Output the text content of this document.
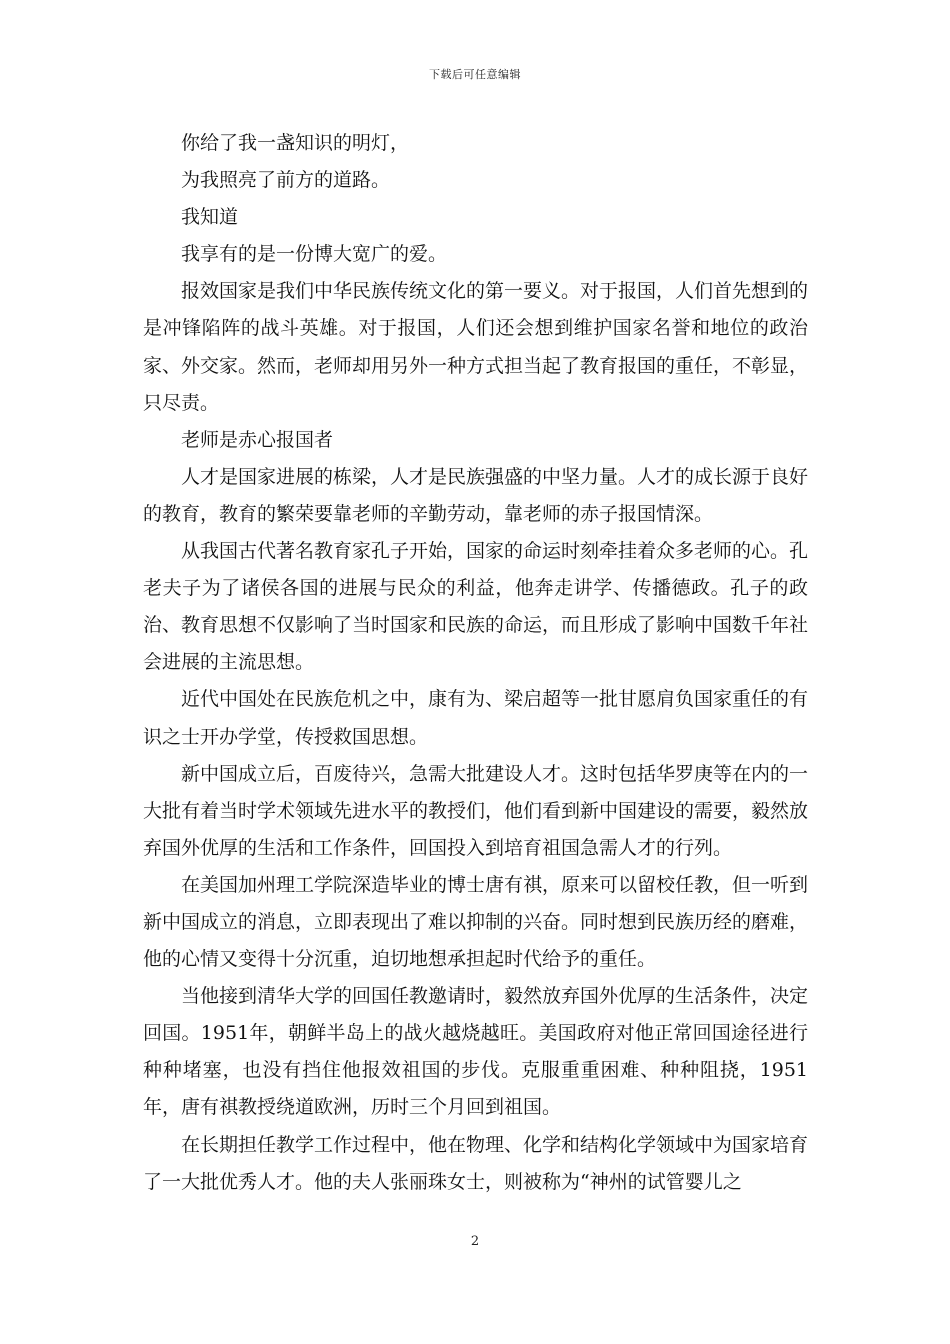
下载后可任意编辑

你给了我一盏知识的明灯，

为我照亮了前方的道路。

我知道

我享有的是一份博大宽广的爱。

报效国家是我们中华民族传统文化的第一要义。对于报国，人们首先想到的是冲锋陷阵的战斗英雄。对于报国，人们还会想到维护国家名誉和地位的政治家、外交家。然而，老师却用另外一种方式担当起了教育报国的重任，不彰显，只尽责。

老师是赤心报国者

人才是国家进展的栋梁，人才是民族强盛的中坚力量。人才的成长源于良好的教育，教育的繁荣要靠老师的辛勤劳动，靠老师的赤子报国情深。

从我国古代著名教育家孔子开始，国家的命运时刻牵挂着众多老师的心。孔老夫子为了诸侯各国的进展与民众的利益，他奔走讲学、传播德政。孔子的政治、教育思想不仅影响了当时国家和民族的命运，而且形成了影响中国数千年社会进展的主流思想。

近代中国处在民族危机之中，康有为、梁启超等一批甘愿肩负国家重任的有识之士开办学堂，传授救国思想。

新中国成立后，百废待兴，急需大批建设人才。这时包括华罗庚等在内的一大批有着当时学术领域先进水平的教授们，他们看到新中国建设的需要，毅然放弃国外优厚的生活和工作条件，回国投入到培育祖国急需人才的行列。

在美国加州理工学院深造毕业的博士唐有祺，原来可以留校任教，但一听到新中国成立的消息，立即表现出了难以抑制的兴奋。同时想到民族历经的磨难，他的心情又变得十分沉重，迫切地想承担起时代给予的重任。

当他接到清华大学的回国任教邀请时，毅然放弃国外优厚的生活条件，决定回国。1951年，朝鲜半岛上的战火越烧越旺。美国政府对他正常回国途径进行种种堵塞，也没有挡住他报效祖国的步伐。克服重重困难、种种阻挠，1951年，唐有祺教授绕道欧洲，历时三个月回到祖国。

在长期担任教学工作过程中，他在物理、化学和结构化学领域中为国家培育了一大批优秀人才。他的夫人张丽珠女士，则被称为“神州的试管婴儿之

2
